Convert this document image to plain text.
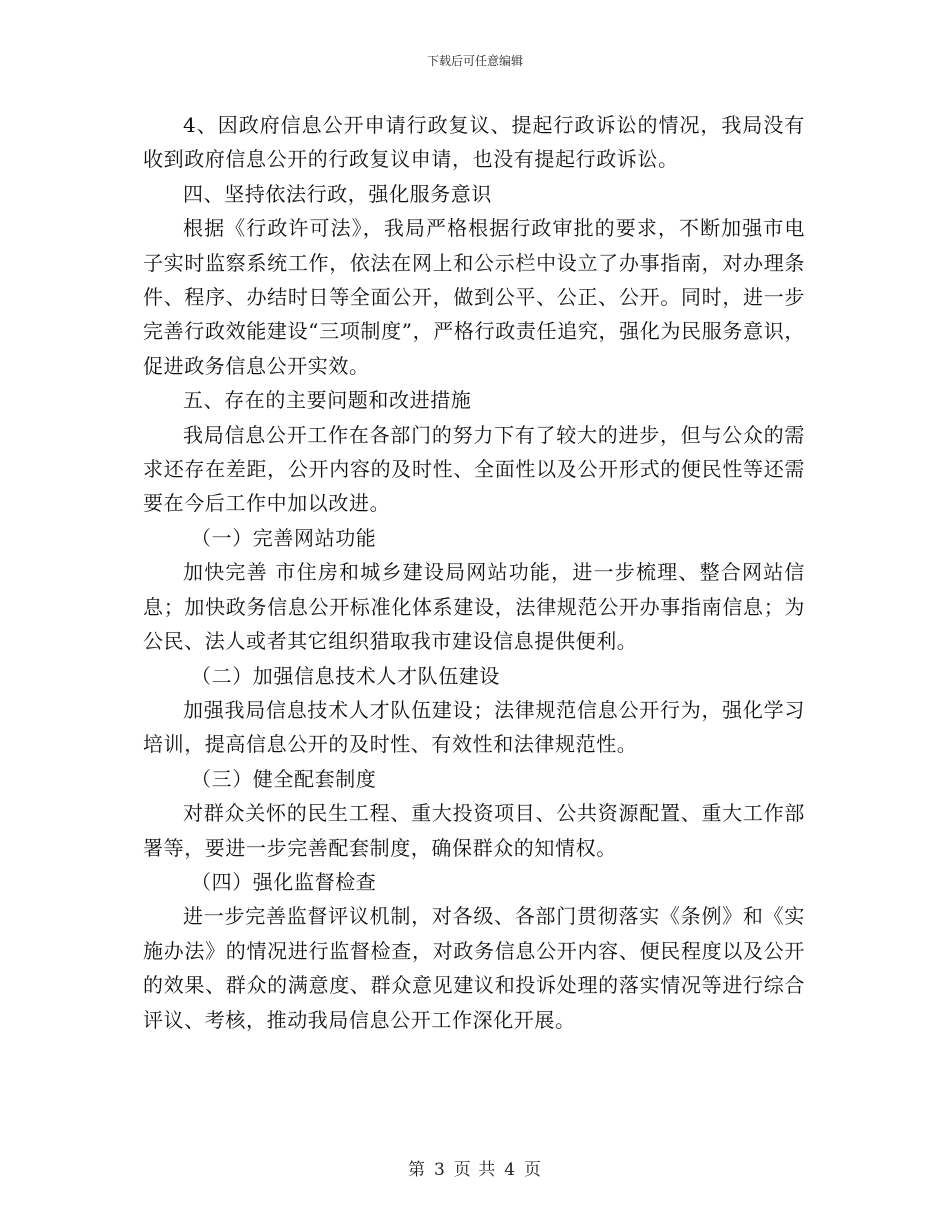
下载后可任意编辑

4、因政府信息公开申请行政复议、提起行政诉讼的情况，我局没有收到政府信息公开的行政复议申请，也没有提起行政诉讼。

四、坚持依法行政，强化服务意识

根据《行政许可法》，我局严格根据行政审批的要求，不断加强市电子实时监察系统工作，依法在网上和公示栏中设立了办事指南，对办理条件、程序、办结时日等全面公开，做到公平、公正、公开。同时，进一步完善行政效能建设“三项制度”，严格行政责任追究，强化为民服务意识，促进政务信息公开实效。

五、存在的主要问题和改进措施

我局信息公开工作在各部门的努力下有了较大的进步，但与公众的需求还存在差距，公开内容的及时性、全面性以及公开形式的便民性等还需要在今后工作中加以改进。

（一）完善网站功能

加快完善 市住房和城乡建设局网站功能，进一步梳理、整合网站信息；加快政务信息公开标准化体系建设，法律规范公开办事指南信息；为公民、法人或者其它组织猎取我市建设信息提供便利。

（二）加强信息技术人才队伍建设

加强我局信息技术人才队伍建设；法律规范信息公开行为，强化学习培训，提高信息公开的及时性、有效性和法律规范性。

（三）健全配套制度

对群众关怀的民生工程、重大投资项目、公共资源配置、重大工作部署等，要进一步完善配套制度，确保群众的知情权。

（四）强化监督检查

进一步完善监督评议机制，对各级、各部门贯彻落实《条例》和《实施办法》的情况进行监督检查，对政务信息公开内容、便民程度以及公开的效果、群众的满意度、群众意见建议和投诉处理的落实情况等进行综合评议、考核，推动我局信息公开工作深化开展。

第 3 页 共 4 页
